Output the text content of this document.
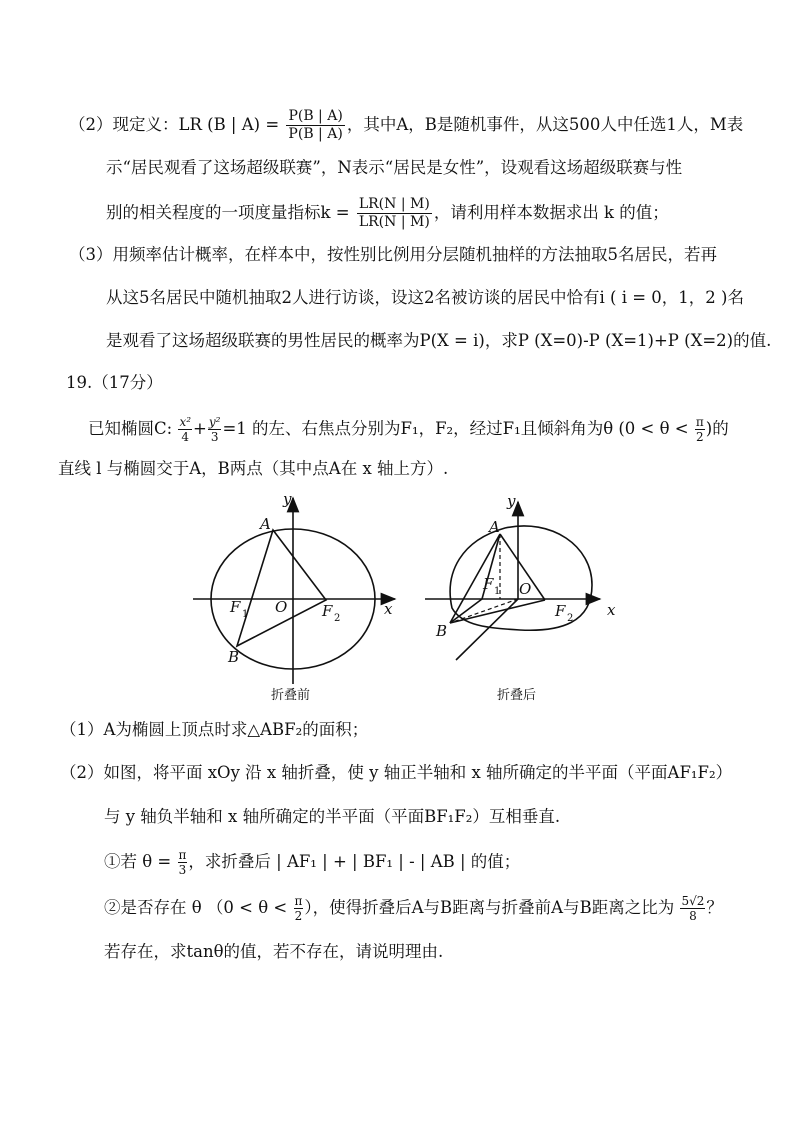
（2）现定义：LR (B | $A) = \frac{P(B | A)}{P(\overline{B} | A)}$ ，其中A，B是随机事件，从这500人中任选1人，M表
示“居民观看了这场超级联赛”，N表示“居民是女性”，设观看这场超级联赛与性
别的相关程度的一项度量指标$k = \frac{LR(N | M)}{LR(N | \overline{M})}$ ，请利用样本数据求出 k 的值；
（3）用频率估计概率，在样本中，按性别比例用分层随机抽样的方法抽取5名居民，若再
从这5名居民中随机抽取2人进行访谈，设这2名被访谈的居民中恰有i ( i = 0，1，2 )名
是观看了这场超级联赛的男性居民的概率为P(X = i)，求P (X=0)-P (X=1)+P (X=2)的值.
19.（17分）
已知椭圆C: $\frac{\text{x²}}{4} + \frac{\text{y²}}{3} =1$ 的左、右焦点分别为F₁，F₂，经过F₁且倾斜角为θ ($0 < \theta < \frac{\pi}{2}$ )的
直线 l 与椭圆交于A，B两点（其中点A在 x 轴上方）.
y
x
A
B
O
F 1	F 2
折叠前
y
x
A
B
O
F 1
F 2
折叠后
（1）A为椭圆上顶点时求△ABF₂的面积；
（2）如图，将平面 xOy 沿 x 轴折叠，使 y 轴正半轴和 x 轴所确定的半平面（平面AF₁F₂）
与 y 轴负半轴和 x 轴所确定的半平面（平面BF₁F₂）互相垂直.
①若 $\theta = \frac{\pi}{3}$ ，求折叠后 | AF₁ | + | BF₁ | - | AB | 的值；
②是否存在 θ （$0 < \theta < \frac{\pi}{2}$ ），使得折叠后A与B距离与折叠前A与B距离之比为 $\frac{5√2}{8}$ ？
若存在，求tanθ的值，若不存在，请说明理由.
